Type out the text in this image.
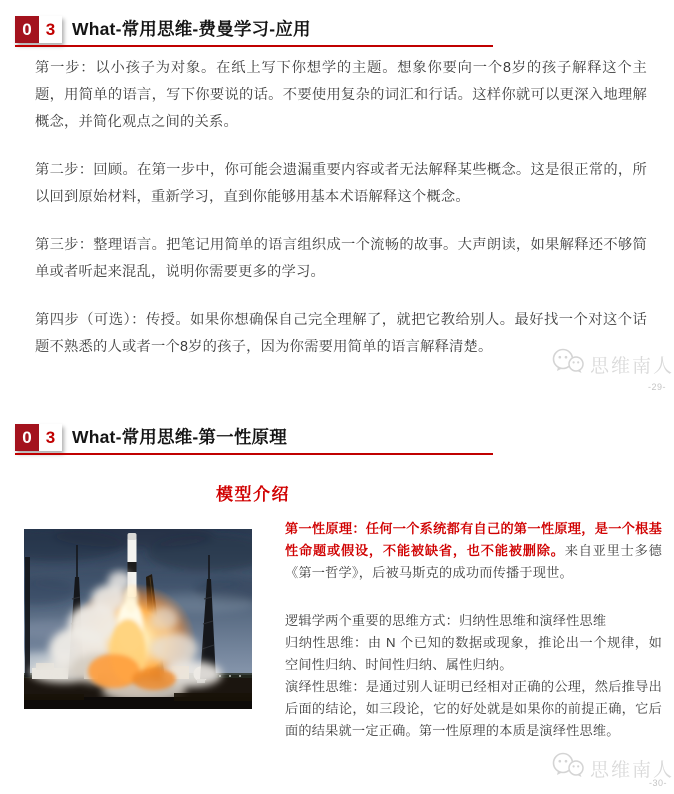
0 3 What-常用思维-费曼学习-应用

第一步：以小孩子为对象。在纸上写下你想学的主题。想象你要向一个8岁的孩子解释这个主题，用简单的语言，写下你要说的话。不要使用复杂的词汇和行话。这样你就可以更深入地理解概念，并简化观点之间的关系。

第二步：回顾。在第一步中，你可能会遗漏重要内容或者无法解释某些概念。这是很正常的，所以回到原始材料，重新学习，直到你能够用基本术语解释这个概念。

第三步：整理语言。把笔记用简单的语言组织成一个流畅的故事。大声朗读，如果解释还不够简单或者听起来混乱，说明你需要更多的学习。

第四步（可选）：传授。如果你想确保自己完全理解了，就把它教给别人。最好找一个对这个话题不熟悉的人或者一个8岁的孩子，因为你需要用简单的语言解释清楚。

思维南人
-29-
0 3 What-常用思维-第一性原理
模型介绍

第一性原理：任何一个系统都有自己的第一性原理，是一个根基性命题或假设，不能被缺省，也不能被删除。来自亚里士多德《第一哲学》，后被马斯克的成功而传播于现世。

逻辑学两个重要的思维方式：归纳性思维和演绎性思维

归纳性思维：由 N 个已知的数据或现象，推论出一个规律，如空间性归纳、时间性归纳、属性归纳。

演绎性思维：是通过别人证明已经相对正确的公理，然后推导出后面的结论，如三段论，它的好处就是如果你的前提正确，它后面的结果就一定正确。第一性原理的本质是演绎性思维。

思维南人
-30-
